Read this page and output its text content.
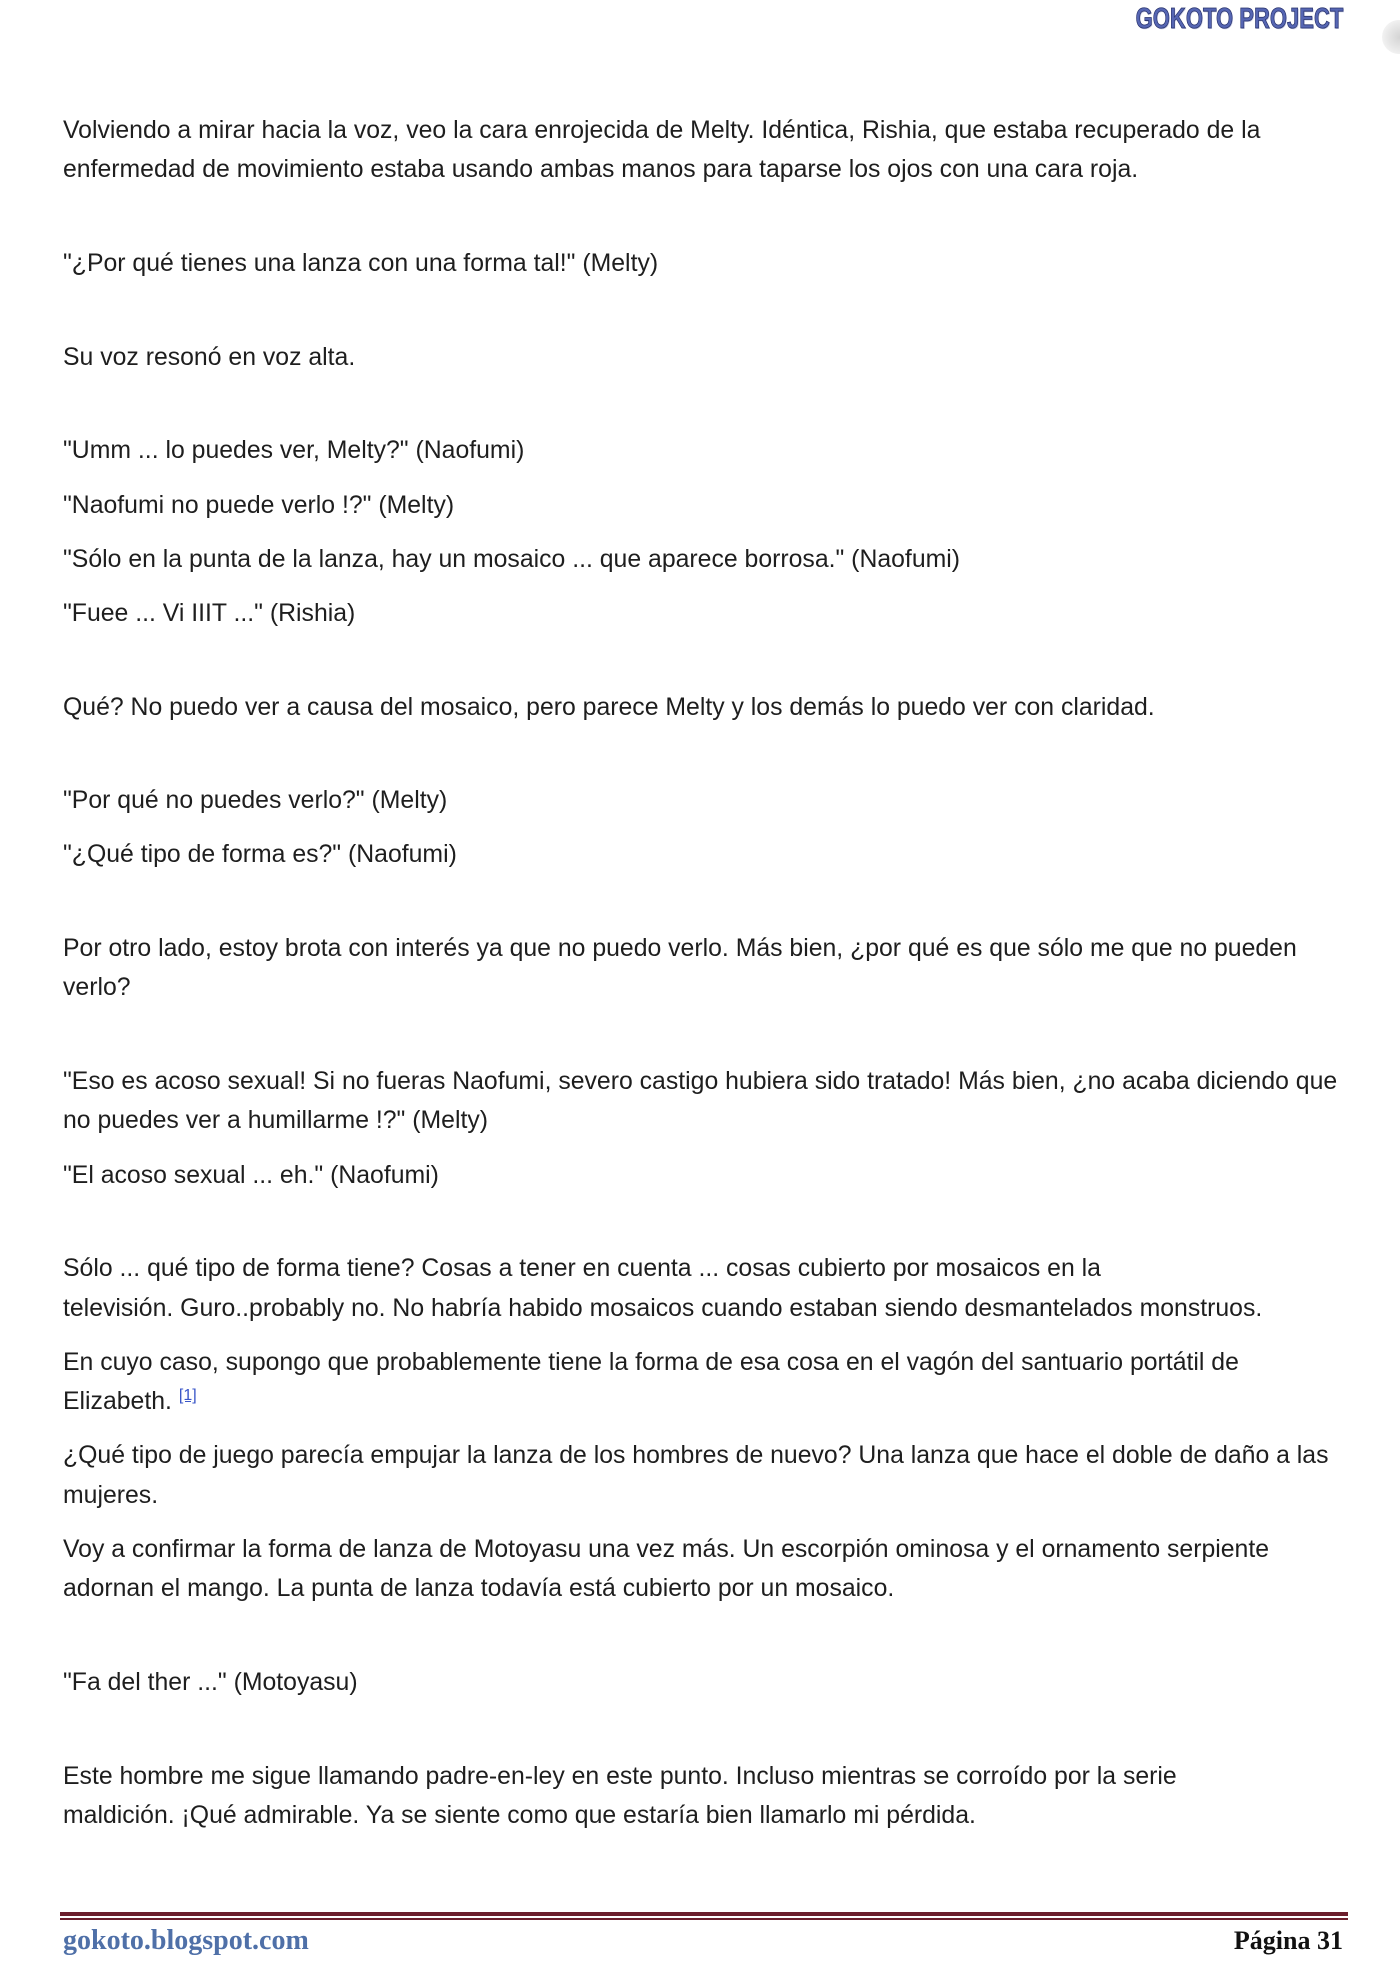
GOKOTO PROJECT

Volviendo a mirar hacia la voz, veo la cara enrojecida de Melty. Idéntica, Rishia, que estaba recuperado de la
enfermedad de movimiento estaba usando ambas manos para taparse los ojos con una cara roja.

"¿Por qué tienes una lanza con una forma tal!" (Melty)

Su voz resonó en voz alta.

"Umm ... lo puedes ver, Melty?" (Naofumi)

"Naofumi no puede verlo !?" (Melty)

"Sólo en la punta de la lanza, hay un mosaico ... que aparece borrosa." (Naofumi)

"Fuee ... Vi IIIT ..." (Rishia)

Qué? No puedo ver a causa del mosaico, pero parece Melty y los demás lo puedo ver con claridad.

"Por qué no puedes verlo?" (Melty)

"¿Qué tipo de forma es?" (Naofumi)

Por otro lado, estoy brota con interés ya que no puedo verlo. Más bien, ¿por qué es que sólo me que no pueden
verlo?

"Eso es acoso sexual! Si no fueras Naofumi, severo castigo hubiera sido tratado! Más bien, ¿no acaba diciendo que
no puedes ver a humillarme !?" (Melty)

"El acoso sexual ... eh." (Naofumi)

Sólo ... qué tipo de forma tiene? Cosas a tener en cuenta ... cosas cubierto por mosaicos en la
televisión. Guro..probably no. No habría habido mosaicos cuando estaban siendo desmantelados monstruos.

En cuyo caso, supongo que probablemente tiene la forma de esa cosa en el vagón del santuario portátil de
Elizabeth. [1]

¿Qué tipo de juego parecía empujar la lanza de los hombres de nuevo? Una lanza que hace el doble de daño a las
mujeres.

Voy a confirmar la forma de lanza de Motoyasu una vez más. Un escorpión ominosa y el ornamento serpiente
adornan el mango. La punta de lanza todavía está cubierto por un mosaico.

"Fa del ther ..." (Motoyasu)

Este hombre me sigue llamando padre-en-ley en este punto. Incluso mientras se corroído por la serie
maldición. ¡Qué admirable. Ya se siente como que estaría bien llamarlo mi pérdida.

gokoto.blogspot.com	Página 31
